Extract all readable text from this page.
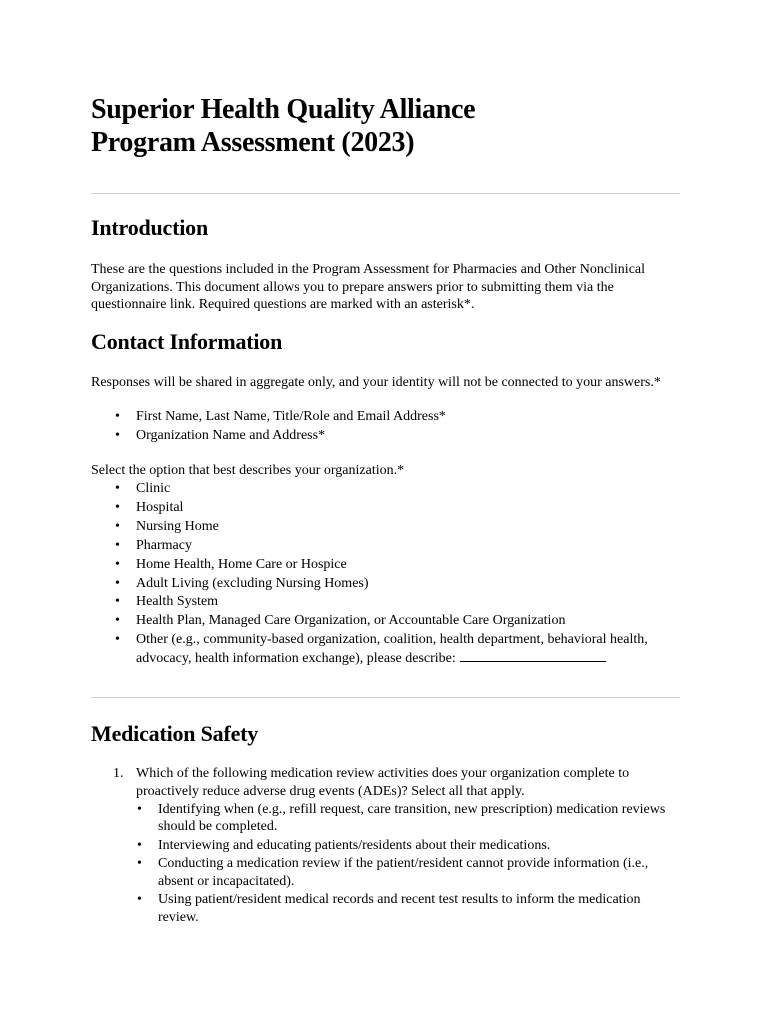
Superior Health Quality Alliance
Program Assessment (2023)
Introduction

These are the questions included in the Program Assessment for Pharmacies and Other Nonclinical Organizations. This document allows you to prepare answers prior to submitting them via the questionnaire link. Required questions are marked with an asterisk*.

Contact Information

Responses will be shared in aggregate only, and your identity will not be connected to your answers.*

• First Name, Last Name, Title/Role and Email Address*
• Organization Name and Address*

Select the option that best describes your organization.*

• Clinic
• Hospital
• Nursing Home
• Pharmacy
• Home Health, Home Care or Hospice
• Adult Living (excluding Nursing Homes)
• Health System
• Health Plan, Managed Care Organization, or Accountable Care Organization
• Other (e.g., community-based organization, coalition, health department, behavioral health, advocacy, health information exchange), please describe:
Medication Safety
1. Which of the following medication review activities does your organization complete to proactively reduce adverse drug events (ADEs)? Select all that apply.
• Identifying when (e.g., refill request, care transition, new prescription) medication reviews should be completed.
• Interviewing and educating patients/residents about their medications.
• Conducting a medication review if the patient/resident cannot provide information (i.e., absent or incapacitated).
• Using patient/resident medical records and recent test results to inform the medication review.
